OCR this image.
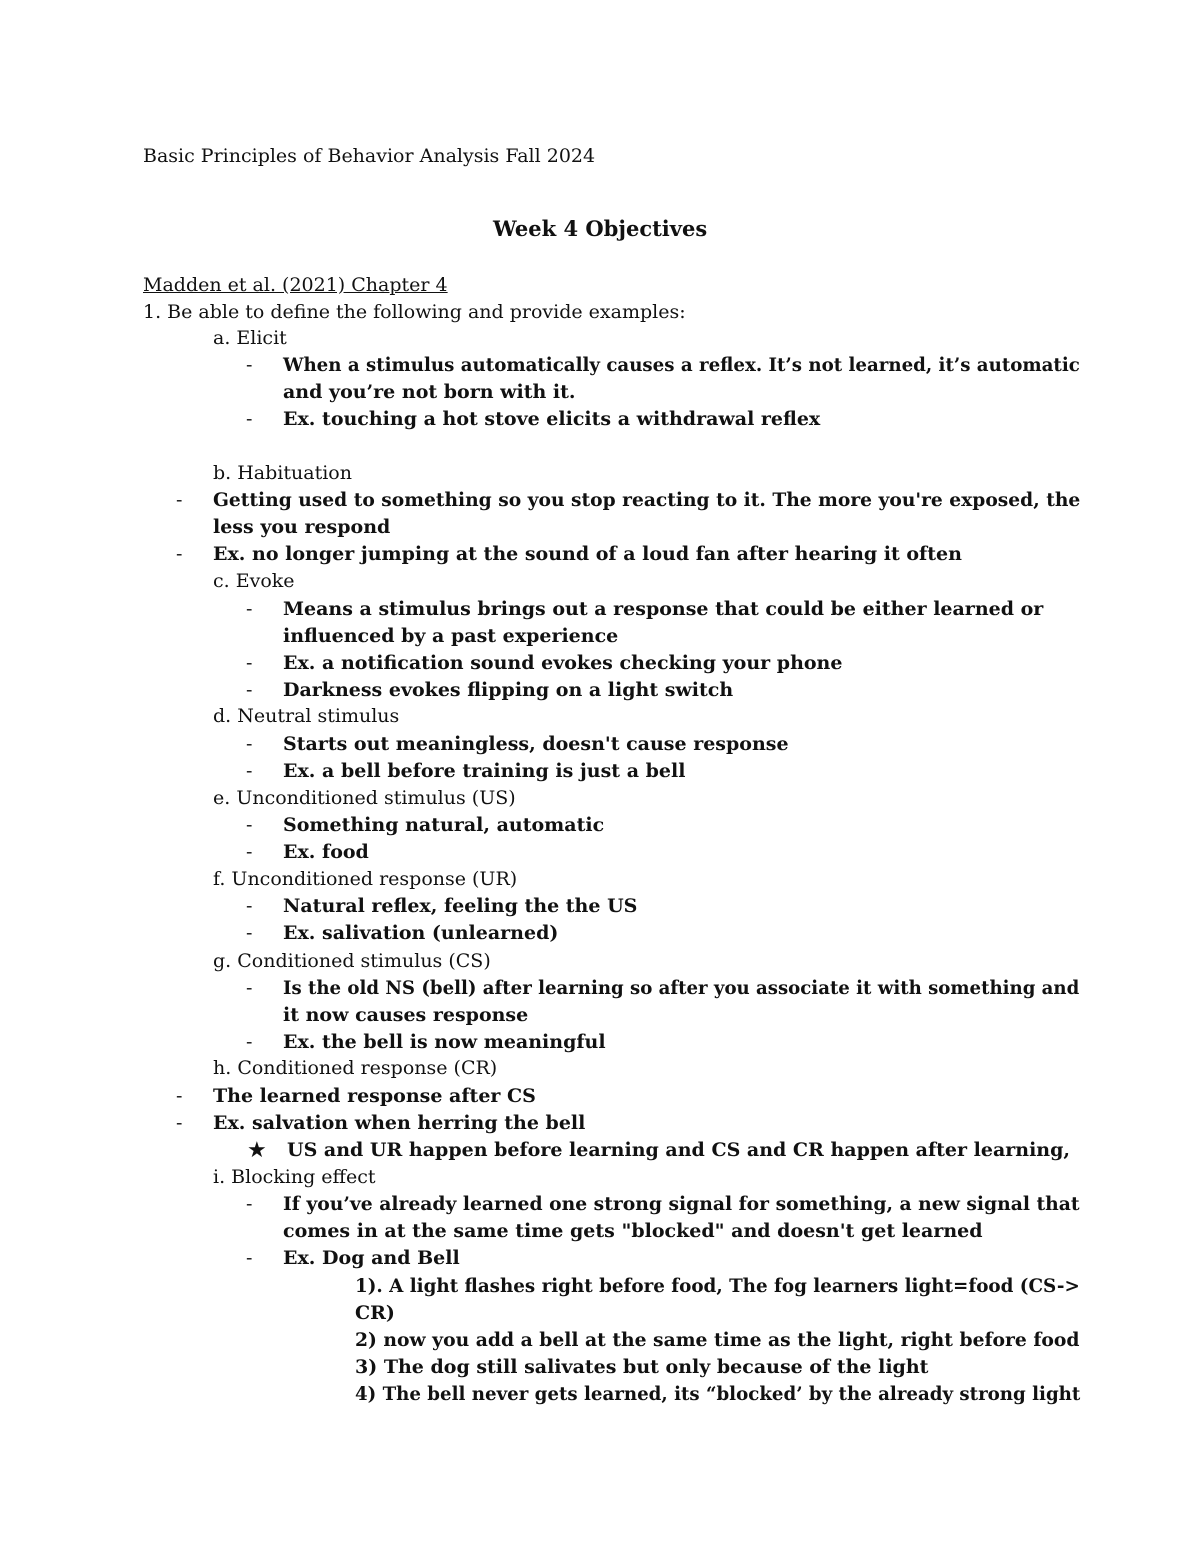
Basic Principles of Behavior Analysis Fall 2024
Week 4 Objectives
Madden et al. (2021) Chapter 4
1. Be able to define the following and provide examples:
a. Elicit
- When a stimulus automatically causes a reflex. It’s not learned, it’s automatic
and you’re not born with it.
- Ex. touching a hot stove elicits a withdrawal reflex
b. Habituation
- Getting used to something so you stop reacting to it. The more you're exposed, the
less you respond
- Ex. no longer jumping at the sound of a loud fan after hearing it often
c. Evoke
- Means a stimulus brings out a response that could be either learned or
influenced by a past experience
- Ex. a notification sound evokes checking your phone
- Darkness evokes flipping on a light switch
d. Neutral stimulus
- Starts out meaningless, doesn't cause response
- Ex. a bell before training is just a bell
e. Unconditioned stimulus (US)
- Something natural, automatic
- Ex. food
f. Unconditioned response (UR)
- Natural reflex, feeling the the US
- Ex. salivation (unlearned)
g. Conditioned stimulus (CS)
- Is the old NS (bell) after learning so after you associate it with something and
it now causes response
- Ex. the bell is now meaningful
h. Conditioned response (CR)
- The learned response after CS
- Ex. salvation when herring the bell
★ US and UR happen before learning and CS and CR happen after learning,
i. Blocking effect
- If you’ve already learned one strong signal for something, a new signal that
comes in at the same time gets "blocked" and doesn't get learned
- Ex. Dog and Bell
1). A light flashes right before food, The fog learners light=food (CS->
CR)
2) now you add a bell at the same time as the light, right before food
3) The dog still salivates but only because of the light
4) The bell never gets learned, its “blocked’ by the already strong light
